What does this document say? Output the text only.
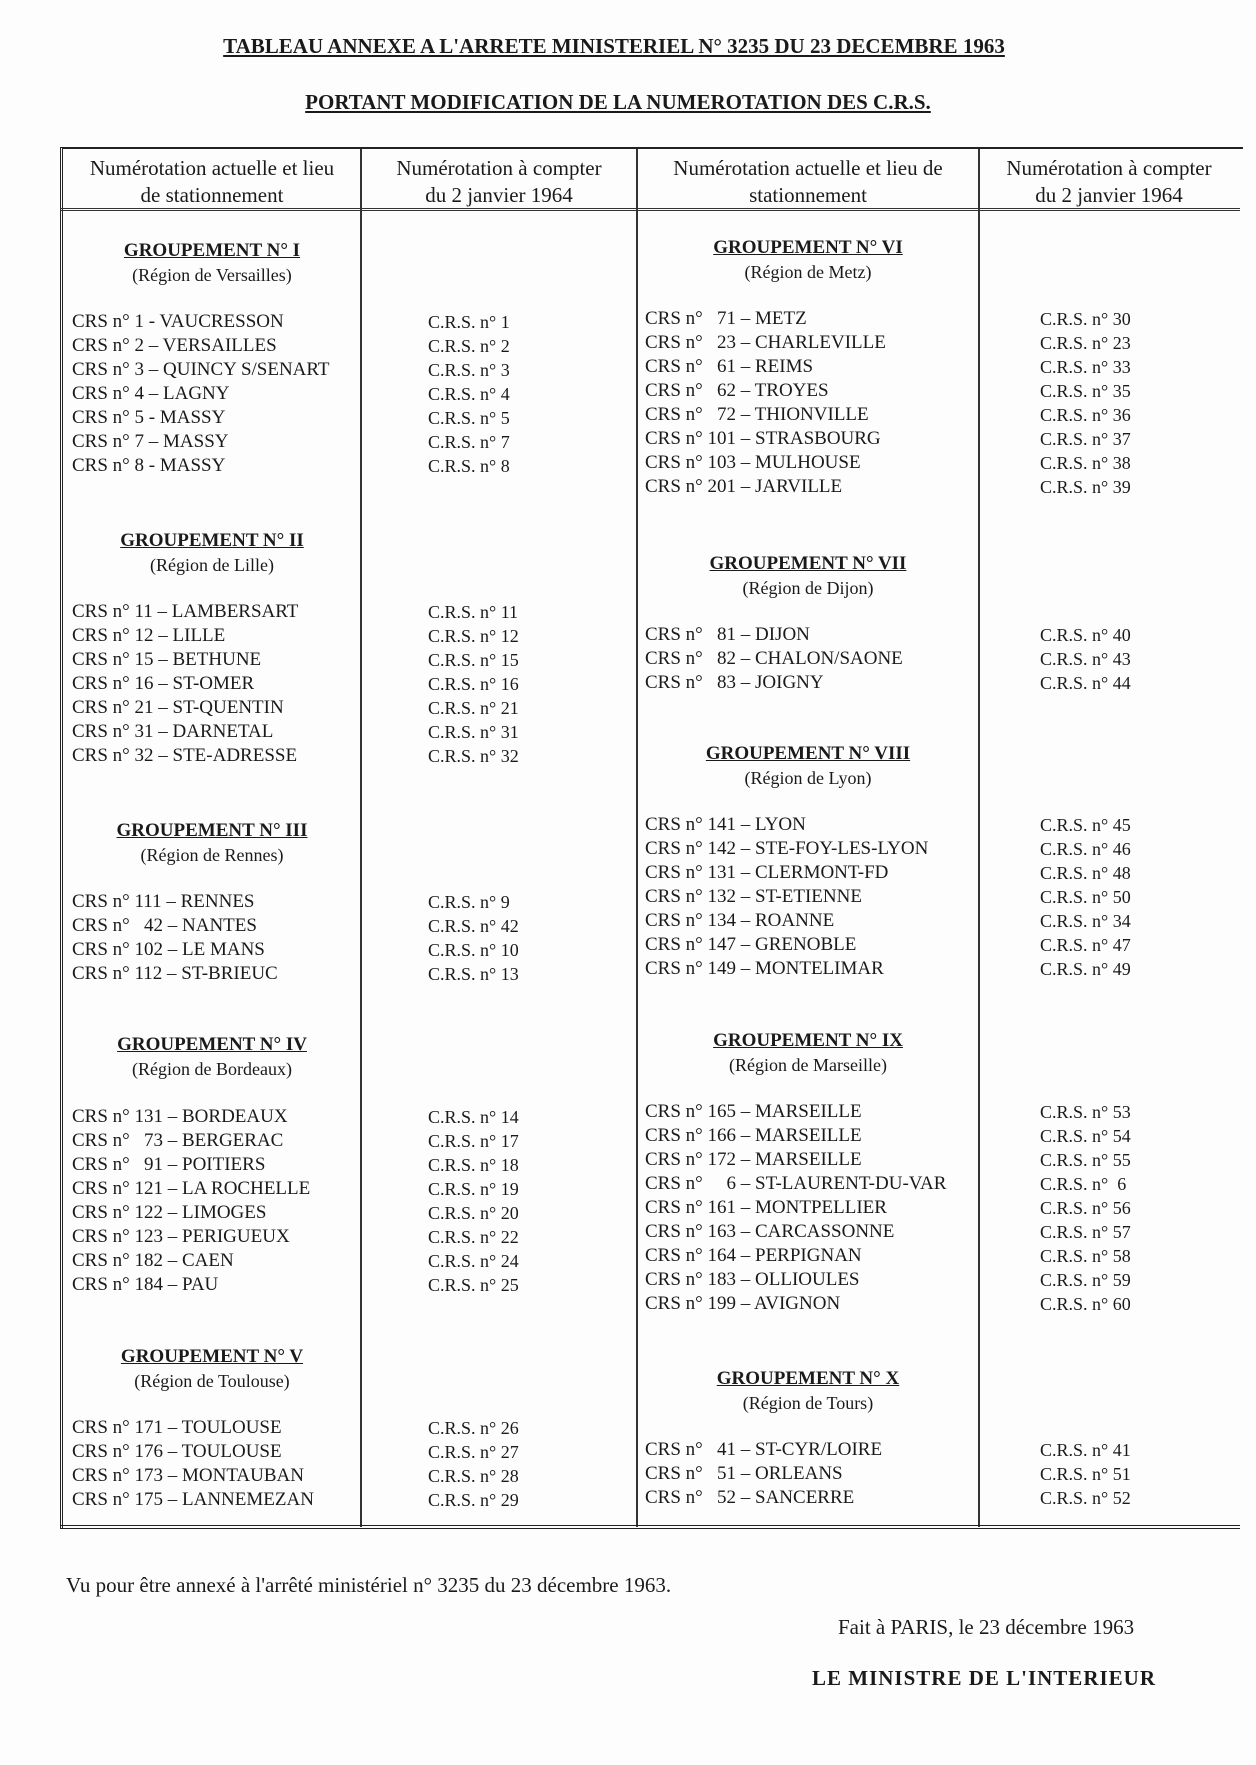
TABLEAU ANNEXE A L'ARRETE MINISTERIEL N° 3235 DU 23 DECEMBRE 1963
PORTANT MODIFICATION DE LA NUMEROTATION DES C.R.S.
Numérotation actuelle et lieu
de stationnement
Numérotation à compter
du 2 janvier 1964
Numérotation actuelle et lieu de
stationnement
Numérotation à compter
du 2 janvier 1964
GROUPEMENT N° I
(Région de Versailles)
CRS n° 1 - VAUCRESSON	C.R.S. n° 1
CRS n° 2 – VERSAILLES	C.R.S. n° 2
CRS n° 3 – QUINCY S/SENART	C.R.S. n° 3
CRS n° 4 – LAGNY	C.R.S. n° 4
CRS n° 5 - MASSY	C.R.S. n° 5
CRS n° 7 – MASSY	C.R.S. n° 7
CRS n° 8 - MASSY	C.R.S. n° 8
GROUPEMENT N° II
(Région de Lille)
CRS n° 11 – LAMBERSART	C.R.S. n° 11
CRS n° 12 – LILLE	C.R.S. n° 12
CRS n° 15 – BETHUNE	C.R.S. n° 15
CRS n° 16 – ST-OMER	C.R.S. n° 16
CRS n° 21 – ST-QUENTIN	C.R.S. n° 21
CRS n° 31 – DARNETAL	C.R.S. n° 31
CRS n° 32 – STE-ADRESSE	C.R.S. n° 32
GROUPEMENT N° III
(Région de Rennes)
CRS n° 111 – RENNES	C.R.S. n° 9
CRS n°   42 – NANTES	C.R.S. n° 42
CRS n° 102 – LE MANS	C.R.S. n° 10
CRS n° 112 – ST-BRIEUC	C.R.S. n° 13
GROUPEMENT N° IV
(Région de Bordeaux)
CRS n° 131 – BORDEAUX	C.R.S. n° 14
CRS n°   73 – BERGERAC	C.R.S. n° 17
CRS n°   91 – POITIERS	C.R.S. n° 18
CRS n° 121 – LA ROCHELLE	C.R.S. n° 19
CRS n° 122 – LIMOGES	C.R.S. n° 20
CRS n° 123 – PERIGUEUX	C.R.S. n° 22
CRS n° 182 – CAEN	C.R.S. n° 24
CRS n° 184 – PAU	C.R.S. n° 25
GROUPEMENT N° V
(Région de Toulouse)
CRS n° 171 – TOULOUSE	C.R.S. n° 26
CRS n° 176 – TOULOUSE	C.R.S. n° 27
CRS n° 173 – MONTAUBAN	C.R.S. n° 28
CRS n° 175 – LANNEMEZAN	C.R.S. n° 29
GROUPEMENT N° VI
(Région de Metz)
CRS n°   71 – METZ	C.R.S. n° 30
CRS n°   23 – CHARLEVILLE	C.R.S. n° 23
CRS n°   61 – REIMS	C.R.S. n° 33
CRS n°   62 – TROYES	C.R.S. n° 35
CRS n°   72 – THIONVILLE	C.R.S. n° 36
CRS n° 101 – STRASBOURG	C.R.S. n° 37
CRS n° 103 – MULHOUSE	C.R.S. n° 38
CRS n° 201 – JARVILLE	C.R.S. n° 39
GROUPEMENT N° VII
(Région de Dijon)
CRS n°   81 – DIJON	C.R.S. n° 40
CRS n°   82 – CHALON/SAONE	C.R.S. n° 43
CRS n°   83 – JOIGNY	C.R.S. n° 44
GROUPEMENT N° VIII
(Région de Lyon)
CRS n° 141 – LYON	C.R.S. n° 45
CRS n° 142 – STE-FOY-LES-LYON	C.R.S. n° 46
CRS n° 131 – CLERMONT-FD	C.R.S. n° 48
CRS n° 132 – ST-ETIENNE	C.R.S. n° 50
CRS n° 134 – ROANNE	C.R.S. n° 34
CRS n° 147 – GRENOBLE	C.R.S. n° 47
CRS n° 149 – MONTELIMAR	C.R.S. n° 49
GROUPEMENT N° IX
(Région de Marseille)
CRS n° 165 – MARSEILLE	C.R.S. n° 53
CRS n° 166 – MARSEILLE	C.R.S. n° 54
CRS n° 172 – MARSEILLE	C.R.S. n° 55
CRS n°     6 – ST-LAURENT-DU-VAR	C.R.S. n°  6
CRS n° 161 – MONTPELLIER	C.R.S. n° 56
CRS n° 163 – CARCASSONNE	C.R.S. n° 57
CRS n° 164 – PERPIGNAN	C.R.S. n° 58
CRS n° 183 – OLLIOULES	C.R.S. n° 59
CRS n° 199 – AVIGNON	C.R.S. n° 60
GROUPEMENT N° X
(Région de Tours)
CRS n°   41 – ST-CYR/LOIRE	C.R.S. n° 41
CRS n°   51 – ORLEANS	C.R.S. n° 51
CRS n°   52 – SANCERRE	C.R.S. n° 52
Vu pour être annexé à l'arrêté ministériel n° 3235 du 23 décembre 1963.
Fait à PARIS, le 23 décembre 1963
LE MINISTRE DE L'INTERIEUR
